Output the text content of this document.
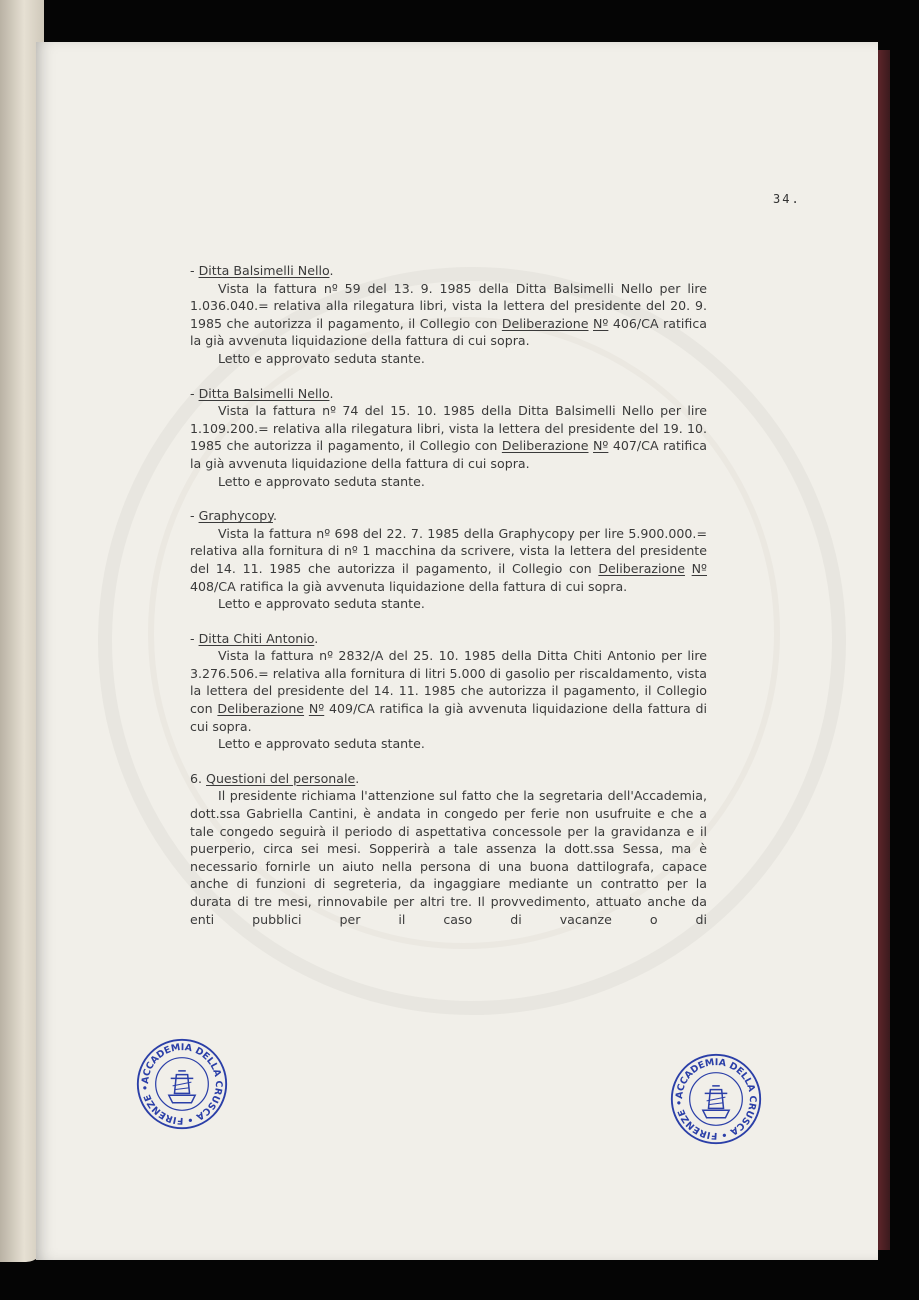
34.
- Ditta Balsimelli Nello.

Vista la fattura nº 59 del 13. 9. 1985 della Ditta Balsimelli Nello per lire 1.036.040.= relativa alla rilegatura libri, vista la lettera del presidente del 20. 9. 1985 che autorizza il pagamento, il Collegio con Deliberazione Nº 406/CA ratifica la già avvenuta liquidazione della fattura di cui sopra.

Letto e approvato seduta stante.
- Ditta Balsimelli Nello.

Vista la fattura nº 74 del 15. 10. 1985 della Ditta Balsimelli Nello per lire 1.109.200.= relativa alla rilegatura libri, vista la lettera del presidente del 19. 10. 1985 che autorizza il pagamento, il Collegio con Deliberazione Nº 407/CA ratifica la già avvenuta liquidazione della fattura di cui sopra.

Letto e approvato seduta stante.
- Graphycopy.

Vista la fattura nº 698 del 22. 7. 1985 della Graphycopy per lire 5.900.000.= relativa alla fornitura di nº 1 macchina da scrivere, vista la lettera del presidente del 14. 11. 1985 che autorizza il pagamento, il Collegio con Deliberazione Nº 408/CA ratifica la già avvenuta liquidazione della fattura di cui sopra.

Letto e approvato seduta stante.
- Ditta Chiti Antonio.

Vista la fattura nº 2832/A del 25. 10. 1985 della Ditta Chiti Antonio per lire 3.276.506.= relativa alla fornitura di litri 5.000 di gasolio per riscaldamento, vista la lettera del presidente del 14. 11. 1985 che autorizza il pagamento, il Collegio con Deliberazione Nº 409/CA ratifica la già avvenuta liquidazione della fattura di cui sopra.

Letto e approvato seduta stante.
6. Questioni del personale.

Il presidente richiama l'attenzione sul fatto che la segretaria dell'Accademia, dott.ssa Gabriella Cantini, è andata in congedo per ferie non usufruite e che a tale congedo seguirà il periodo di aspettativa concessole per la gravidanza e il puerperio, circa sei mesi. Sopperirà a tale assenza la dott.ssa Sessa, ma è necessario fornirle un aiuto nella persona di una buona dattilografa, capace anche di funzioni di segreteria, da ingaggiare mediante un contratto per la durata di tre mesi, rinnovabile per altri tre. Il provvedimento, attuato anche da enti pubblici per il caso di vacanze o di

ACCADEMIA DELLA CRUSCA • FIRENZE •
ACCADEMIA DELLA CRUSCA • FIRENZE •
